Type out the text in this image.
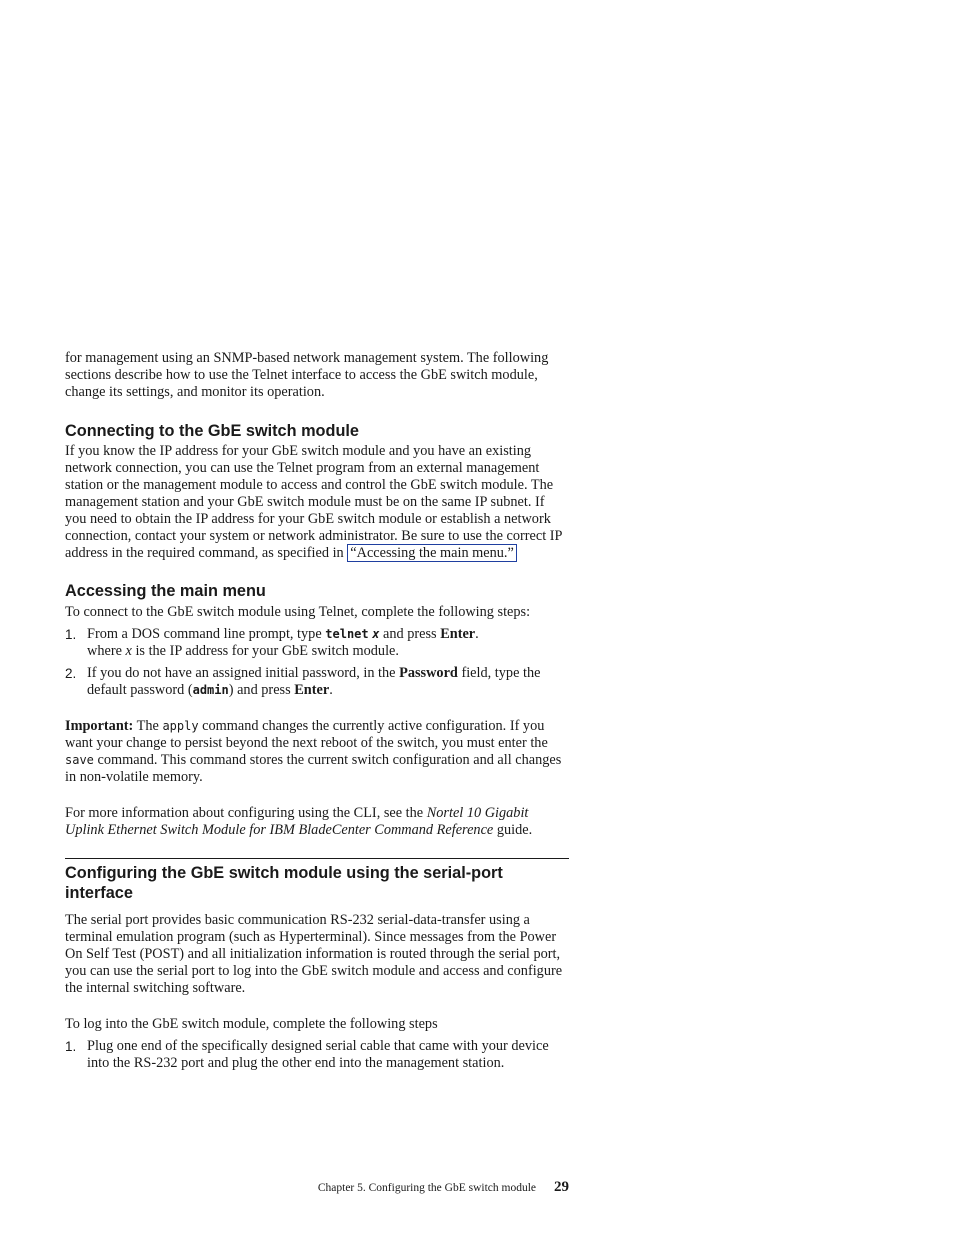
for management using an SNMP-based network management system. The following sections describe how to use the Telnet interface to access the GbE switch module, change its settings, and monitor its operation.

Connecting to the GbE switch module

If you know the IP address for your GbE switch module and you have an existing network connection, you can use the Telnet program from an external management station or the management module to access and control the GbE switch module. The management station and your GbE switch module must be on the same IP subnet. If you need to obtain the IP address for your GbE switch module or establish a network connection, contact your system or network administrator. Be sure to use the correct IP address in the required command, as specified in “Accessing the main menu.”

Accessing the main menu

To connect to the GbE switch module using Telnet, complete the following steps:

1. From a DOS command line prompt, type telnet x and press Enter.
where x is the IP address for your GbE switch module.
2. If you do not have an assigned initial password, in the Password field, type the default password (admin) and press Enter.

Important: The apply command changes the currently active configuration. If you want your change to persist beyond the next reboot of the switch, you must enter the save command. This command stores the current switch configuration and all changes in non-volatile memory.

For more information about configuring using the CLI, see the Nortel 10 Gigabit Uplink Ethernet Switch Module for IBM BladeCenter Command Reference guide.

Configuring the GbE switch module using the serial-port interface

The serial port provides basic communication RS-232 serial-data-transfer using a terminal emulation program (such as Hyperterminal). Since messages from the Power On Self Test (POST) and all initialization information is routed through the serial port, you can use the serial port to log into the GbE switch module and access and configure the internal switching software.

To log into the GbE switch module, complete the following steps

1. Plug one end of the specifically designed serial cable that came with your device into the RS-232 port and plug the other end into the management station.
Chapter 5. Configuring the GbE switch module 29
